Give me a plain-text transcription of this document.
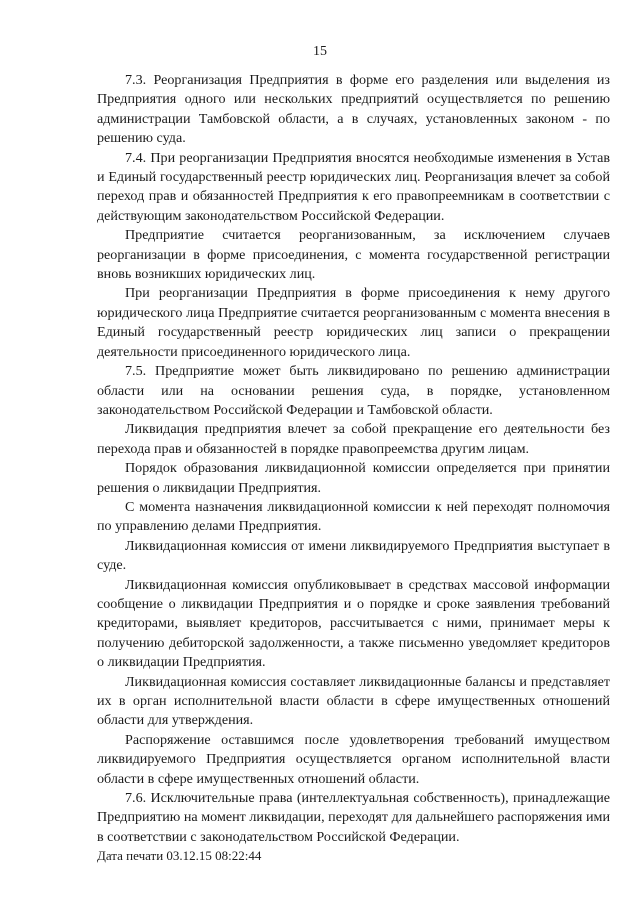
15

7.3. Реорганизация Предприятия в форме его разделения или выделения из Предприятия одного или нескольких предприятий осуществляется по решению администрации Тамбовской области, а в случаях, установленных законом - по решению суда.

7.4. При реорганизации Предприятия вносятся необходимые изменения в Устав и Единый государственный реестр юридических лиц. Реорганизация влечет за собой переход прав и обязанностей Предприятия к его правопреемникам в соответствии с действующим законодательством Российской Федерации.

Предприятие считается реорганизованным, за исключением случаев реорганизации в форме присоединения, с момента государственной регистрации вновь возникших юридических лиц.

При реорганизации Предприятия в форме присоединения к нему другого юридического лица Предприятие считается реорганизованным с момента внесения в Единый государственный реестр юридических лиц записи о прекращении деятельности присоединенного юридического лица.

7.5. Предприятие может быть ликвидировано по решению администрации области или на основании решения суда, в порядке, установленном законодательством Российской Федерации и Тамбовской области.

Ликвидация предприятия влечет за собой прекращение его деятельности без перехода прав и обязанностей в порядке правопреемства другим лицам.

Порядок образования ликвидационной комиссии определяется при принятии решения о ликвидации Предприятия.

С момента назначения ликвидационной комиссии к ней переходят полномочия по управлению делами Предприятия.

Ликвидационная комиссия от имени ликвидируемого Предприятия выступает в суде.

Ликвидационная комиссия опубликовывает в средствах массовой информации сообщение о ликвидации Предприятия и о порядке и сроке заявления требований кредиторами, выявляет кредиторов, рассчитывается с ними, принимает меры к получению дебиторской задолженности, а также письменно уведомляет кредиторов о ликвидации Предприятия.

Ликвидационная комиссия составляет ликвидационные балансы и представляет их в орган исполнительной власти области в сфере имущественных отношений области для утверждения.

Распоряжение оставшимся после удовлетворения требований имуществом ликвидируемого Предприятия осуществляется органом исполнительной власти области в сфере имущественных отношений области.

7.6. Исключительные права (интеллектуальная собственность), принадлежащие Предприятию на момент ликвидации, переходят для дальнейшего распоряжения ими в соответствии с законодательством Российской Федерации.

Дата печати 03.12.15 08:22:44
